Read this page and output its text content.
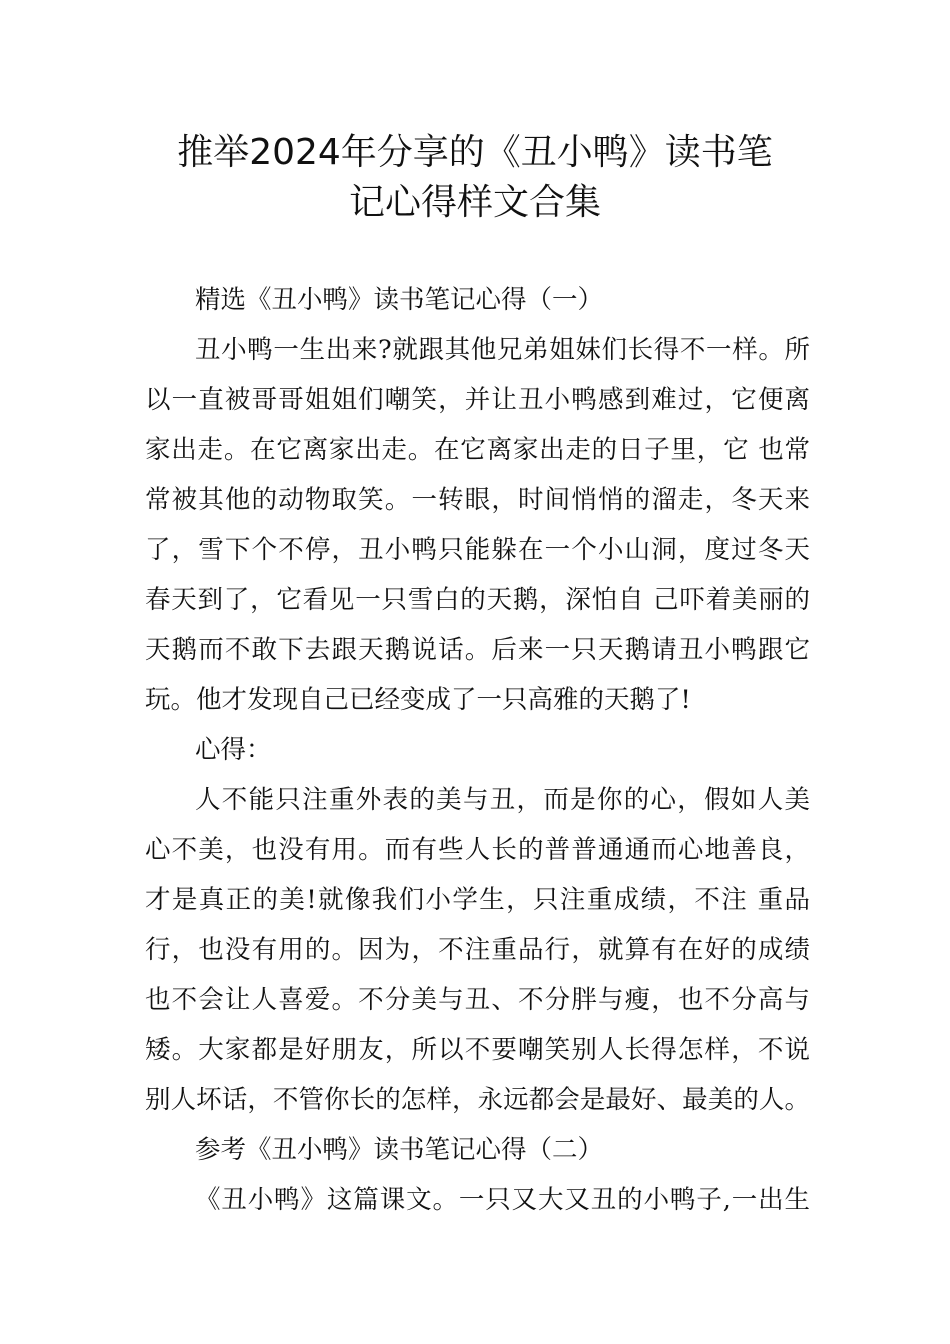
推举2024年分享的《丑小鸭》读书笔
记心得样文合集
精选《丑小鸭》读书笔记心得（一）
丑小鸭一生出来?就跟其他兄弟姐妹们长得不一样。所
以一直被哥哥姐姐们嘲笑，并让丑小鸭感到难过，它便离
家出走。在它离家出走。在它离家出走的日子里，它 也常
常被其他的动物取笑。一转眼，时间悄悄的溜走，冬天来
了，雪下个不停，丑小鸭只能躲在一个小山洞，度过冬天
春天到了，它看见一只雪白的天鹅，深怕自 己吓着美丽的
天鹅而不敢下去跟天鹅说话。后来一只天鹅请丑小鸭跟它
玩。他才发现自己已经变成了一只高雅的天鹅了!
心得：
人不能只注重外表的美与丑，而是你的心，假如人美
心不美，也没有用。而有些人长的普普通通而心地善良，
才是真正的美!就像我们小学生，只注重成绩，不注 重品
行，也没有用的。因为，不注重品行，就算有在好的成绩
也不会让人喜爱。不分美与丑、不分胖与瘦，也不分高与
矮。大家都是好朋友，所以不要嘲笑别人长得怎样，不说
别人坏话，不管你长的怎样，永远都会是最好、最美的人。
参考《丑小鸭》读书笔记心得（二）
《丑小鸭》这篇课文。一只又大又丑的小鸭子,一出生
